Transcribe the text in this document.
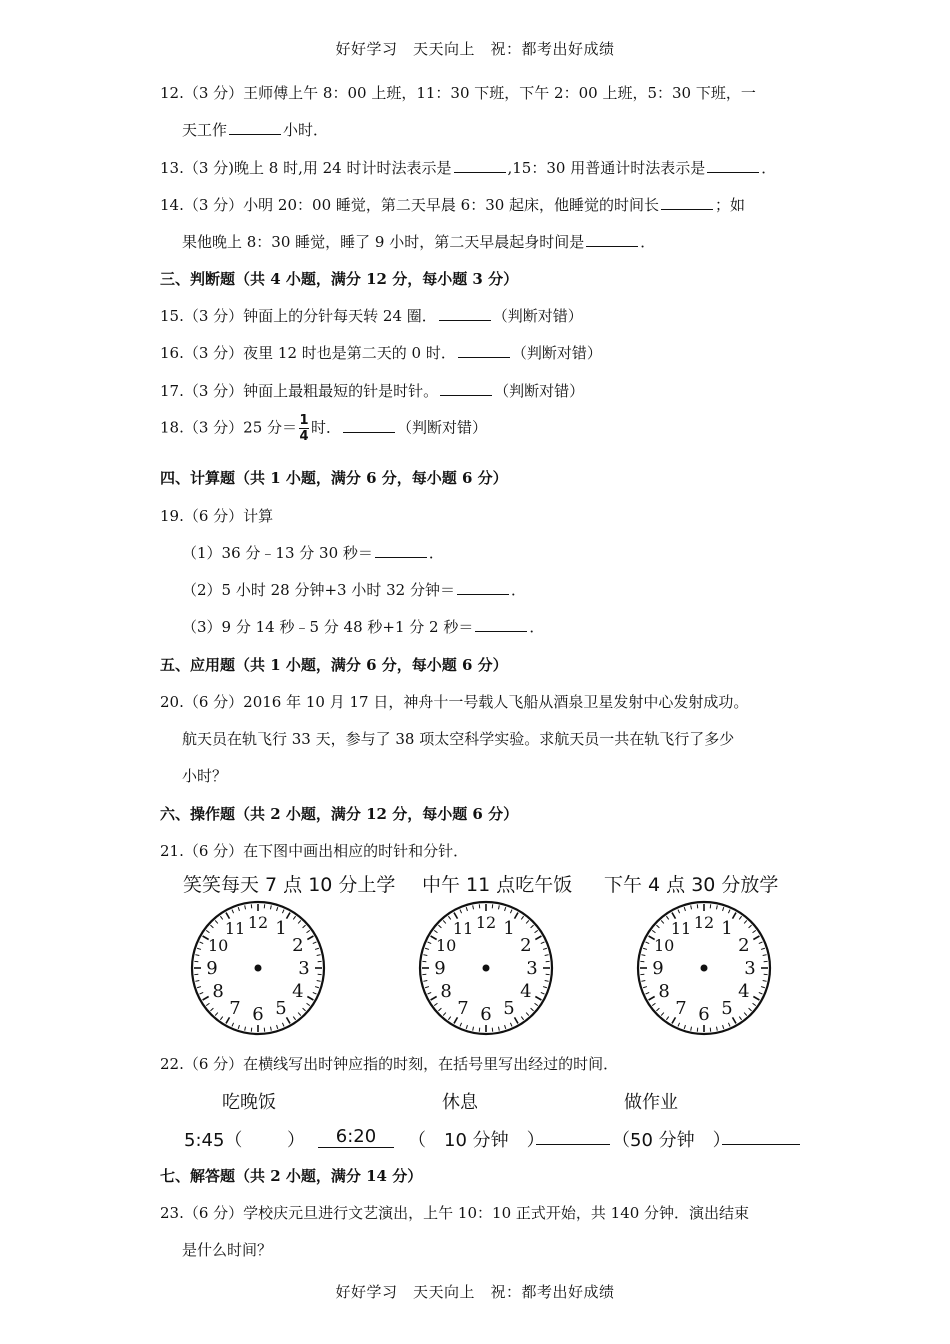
好好学习　天天向上　祝：都考出好成绩
12.（3 分）王师傅上午 8：00 上班，11：30 下班，下午 2：00 上班，5：30 下班，一
天工作	小时．
13.（3 分)晚上 8 时,用 24 时计时法表示是	,15：30 用普通计时法表示是	．
14.（3 分）小明 20：00 睡觉，第二天早晨 6：30 起床，他睡觉的时间长	；如
果他晚上 8：30 睡觉，睡了 9 小时，第二天早晨起身时间是	．
三、判断题（共 4 小题，满分 12 分，每小题 3 分）
15.（3 分）钟面上的分针每天转 24 圈．	（判断对错）
16.（3 分）夜里 12 时也是第二天的 0 时．	（判断对错）
17.（3 分）钟面上最粗最短的针是时针。	（判断对错）
18.（3 分）25 分＝ $\frac{1}{4}$ 时．	（判断对错）
四、计算题（共 1 小题，满分 6 分，每小题 6 分）
19.（6 分）计算
（1）36 分﹣13 分 30 秒＝	．
（2）5 小时 28 分钟+3 小时 32 分钟＝	．
（3）9 分 14 秒﹣5 分 48 秒+1 分 2 秒＝	．
五、应用题（共 1 小题，满分 6 分，每小题 6 分）
20.（6 分）2016 年 10 月 17 日，神舟十一号载人飞船从酒泉卫星发射中心发射成功。
航天员在轨飞行 33 天，参与了 38 项太空科学实验。求航天员一共在轨飞行了多少
小时？
六、操作题（共 2 小题，满分 12 分，每小题 6 分）
21.（6 分）在下图中画出相应的时针和分针．
笑笑每天 7 点 10 分上学 中午 11 点吃午饭 下午 4 点 30 分放学
12 1
2
3
4
5
6
7
8
9
10
11	12 1
2
3
4
5
6
7
8
9
10
11	12 1
2
3
4
5
6
7
8
9
10
11
22.（6 分）在横线写出时钟应指的时刻，在括号里写出经过的时间．
吃晚饭	休息	做作业
5:45（ ）	6:20	（　10 分钟　）	（50 分钟　）
七、解答题（共 2 小题，满分 14 分）
23.（6 分）学校庆元旦进行文艺演出，上午 10：10 正式开始，共 140 分钟．演出结束
是什么时间？
好好学习　天天向上　祝：都考出好成绩
